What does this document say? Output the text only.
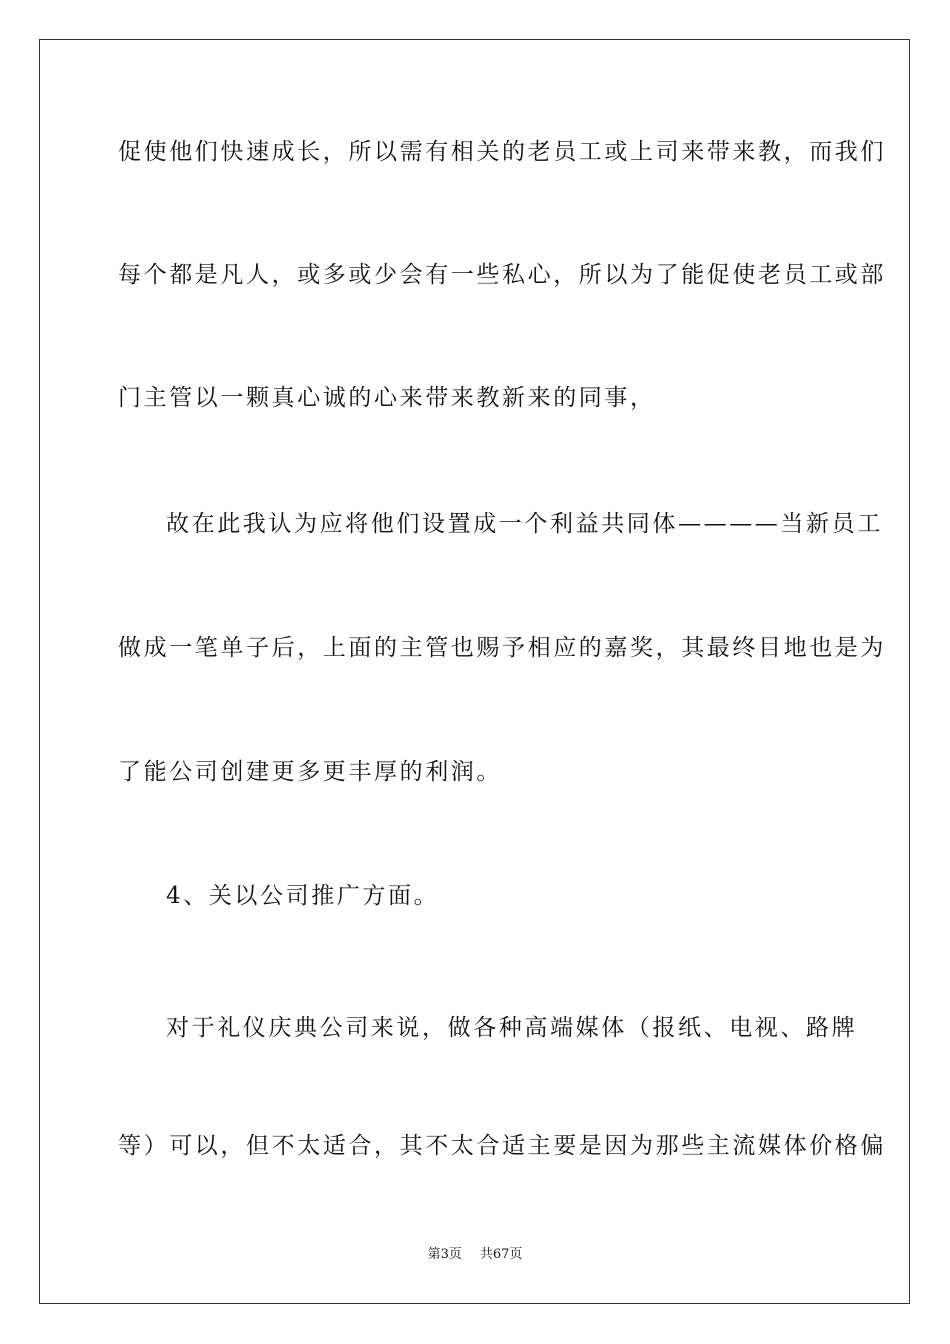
促使他们快速成长，所以需有相关的老员工或上司来带来教，而我们
每个都是凡人，或多或少会有一些私心，所以为了能促使老员工或部
门主管以一颗真心诚的心来带来教新来的同事，
故在此我认为应将他们设置成一个利益共同体————当新员工
做成一笔单子后，上面的主管也赐予相应的嘉奖，其最终目地也是为
了能公司创建更多更丰厚的利润。
4、关以公司推广方面。
对于礼仪庆典公司来说，做各种高端媒体（报纸、电视、路牌
等）可以，但不太适合，其不太合适主要是因为那些主流媒体价格偏
第3页 共67页
